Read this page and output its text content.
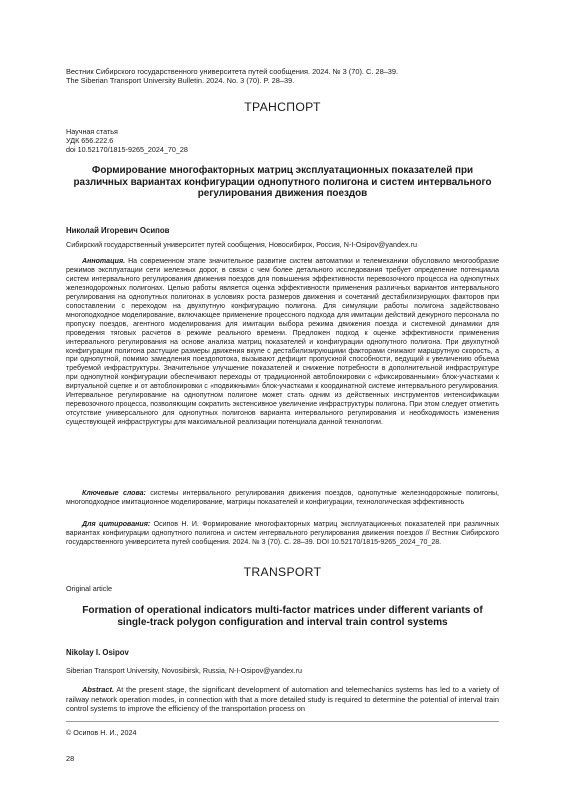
Вестник Сибирского государственного университета путей сообщения. 2024. № 3 (70). С. 28–39.
The Siberian Transport University Bulletin. 2024. No. 3 (70). P. 28–39.
ТРАНСПОРТ
Научная статья
УДК 656.222.6
doi 10.52170/1815-9265_2024_70_28
Формирование многофакторных матриц эксплуатационных показателей при различных вариантах конфигурации однопутного полигона и систем интервального регулирования движения поездов
Николай Игоревич Осипов
Сибирский государственный университет путей сообщения, Новосибирск, Россия, N-I-Osipov@yandex.ru
Аннотация. На современном этапе значительное развитие систем автоматики и телемеханики обусловило многообразие режимов эксплуатации сети железных дорог, в связи с чем более детального исследования требует определение потенциала систем интервального регулирования движения поездов для повышения эффективности перевозочного процесса на однопутных железнодорожных полигонах. Целью работы является оценка эффективности применения различных вариантов интервального регулирования на однопутных полигонах в условиях роста размеров движения и сочетаний дестабилизирующих факторов при сопоставлении с переходом на двухпутную конфигурацию полигона. Для симуляции работы полигона задействовано многоподходное моделирование, включающее применение процессного подхода для имитации действий дежурного персонала по пропуску поездов, агентного моделирования для имитации выбора режима движения поезда и системной динамики для проведения тяговых расчетов в режиме реального времени. Предложен подход к оценке эффективности применения интервального регулирования на основе анализа матриц показателей и конфигурации однопутного полигона. При двухпутной конфигурации полигона растущие размеры движения вкупе с дестабилизирующими факторами снижают маршрутную скорость, а при однопутной, помимо замедления поездопотока, вызывают дефицит пропускной способности, ведущий к увеличению объема требуемой инфраструктуры. Значительное улучшение показателей и снижение потребности в дополнительной инфраструктуре при однопутной конфигурации обеспечивают переходы от традиционной автоблокировки с «фиксированными» блок-участками к виртуальной сцепке и от автоблокировки с «подвижными» блок-участками к координатной системе интервального регулирования. Интервальное регулирование на однопутном полигоне может стать одним из действенных инструментов интенсификации перевозочного процесса, позволяющим сократить экстенсивное увеличение инфраструктуры полигона. При этом следует отметить отсутствие универсального для однопутных полигонов варианта интервального регулирования и необходимость изменения существующей инфраструктуры для максимальной реализации потенциала данной технологии.
Ключевые слова: системы интервального регулирования движения поездов, однопутные железнодорожные полигоны, многоподходное имитационное моделирование, матрицы показателей и конфигурации, технологическая эффективность
Для цитирования: Осипов Н. И. Формирование многофакторных матриц эксплуатационных показателей при различных вариантах конфигурации однопутного полигона и систем интервального регулирования движения поездов // Вестник Сибирского государственного университета путей сообщения. 2024. № 3 (70). С. 28–39. DOI 10.52170/1815-9265_2024_70_28.
TRANSPORT
Original article
Formation of operational indicators multi-factor matrices under different variants of single-track polygon configuration and interval train control systems
Nikolay I. Osipov
Siberian Transport University, Novosibirsk, Russia, N-I-Osipov@yandex.ru
Abstract. At the present stage, the significant development of automation and telemechanics systems has led to a variety of railway network operation modes, in connection with that a more detailed study is required to determine the potential of interval train control systems to improve the efficiency of the transportation process on
© Осипов Н. И., 2024
28
